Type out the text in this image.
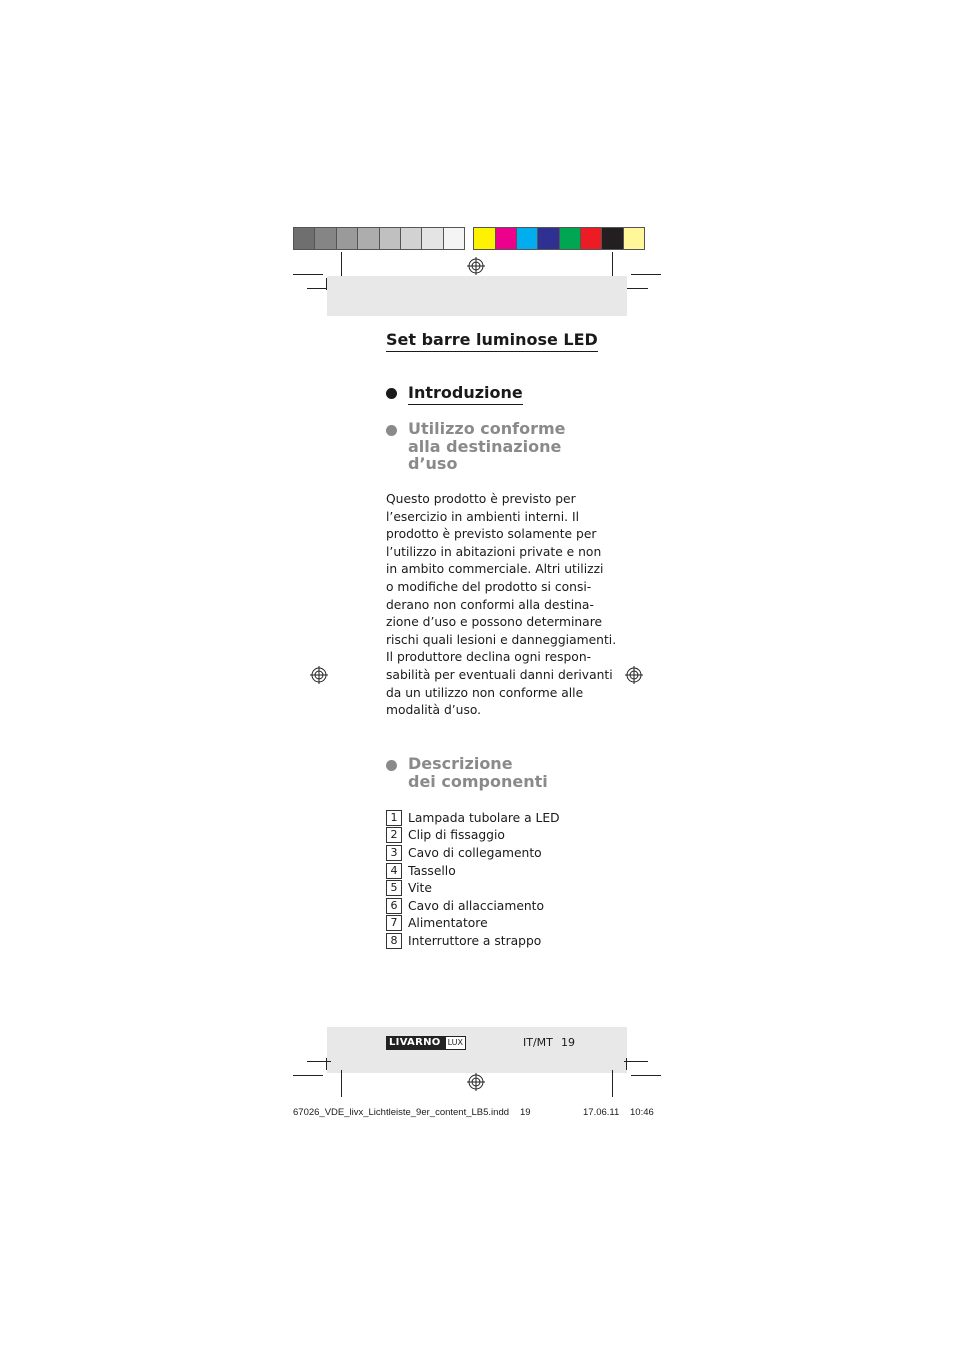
Set barre luminose LED
Introduzione
Utilizzo conforme
alla destinazione
d’uso
Questo prodotto è previsto per
l’esercizio in ambienti interni. Il
prodotto è previsto solamente per
l’utilizzo in abitazioni private e non
in ambito commerciale. Altri utilizzi
o modifiche del prodotto si consi-
derano non conformi alla destina-
zione d’uso e possono determinare
rischi quali lesioni e danneggiamenti.
Il produttore declina ogni respon-
sabilità per eventuali danni derivanti
da un utilizzo non conforme alle
modalità d’uso.
Descrizione
dei componenti
1 Lampada tubolare a LED
2 Clip di fissaggio
3 Cavo di collegamento
4 Tassello
5 Vite
6 Cavo di allacciamento
7 Alimentatore
8 Interruttore a strappo
LIVARNO LUX	IT/MT 19
67026_VDE_livx_Lichtleiste_9er_content_LB5.indd 19	17.06.11 10:46
